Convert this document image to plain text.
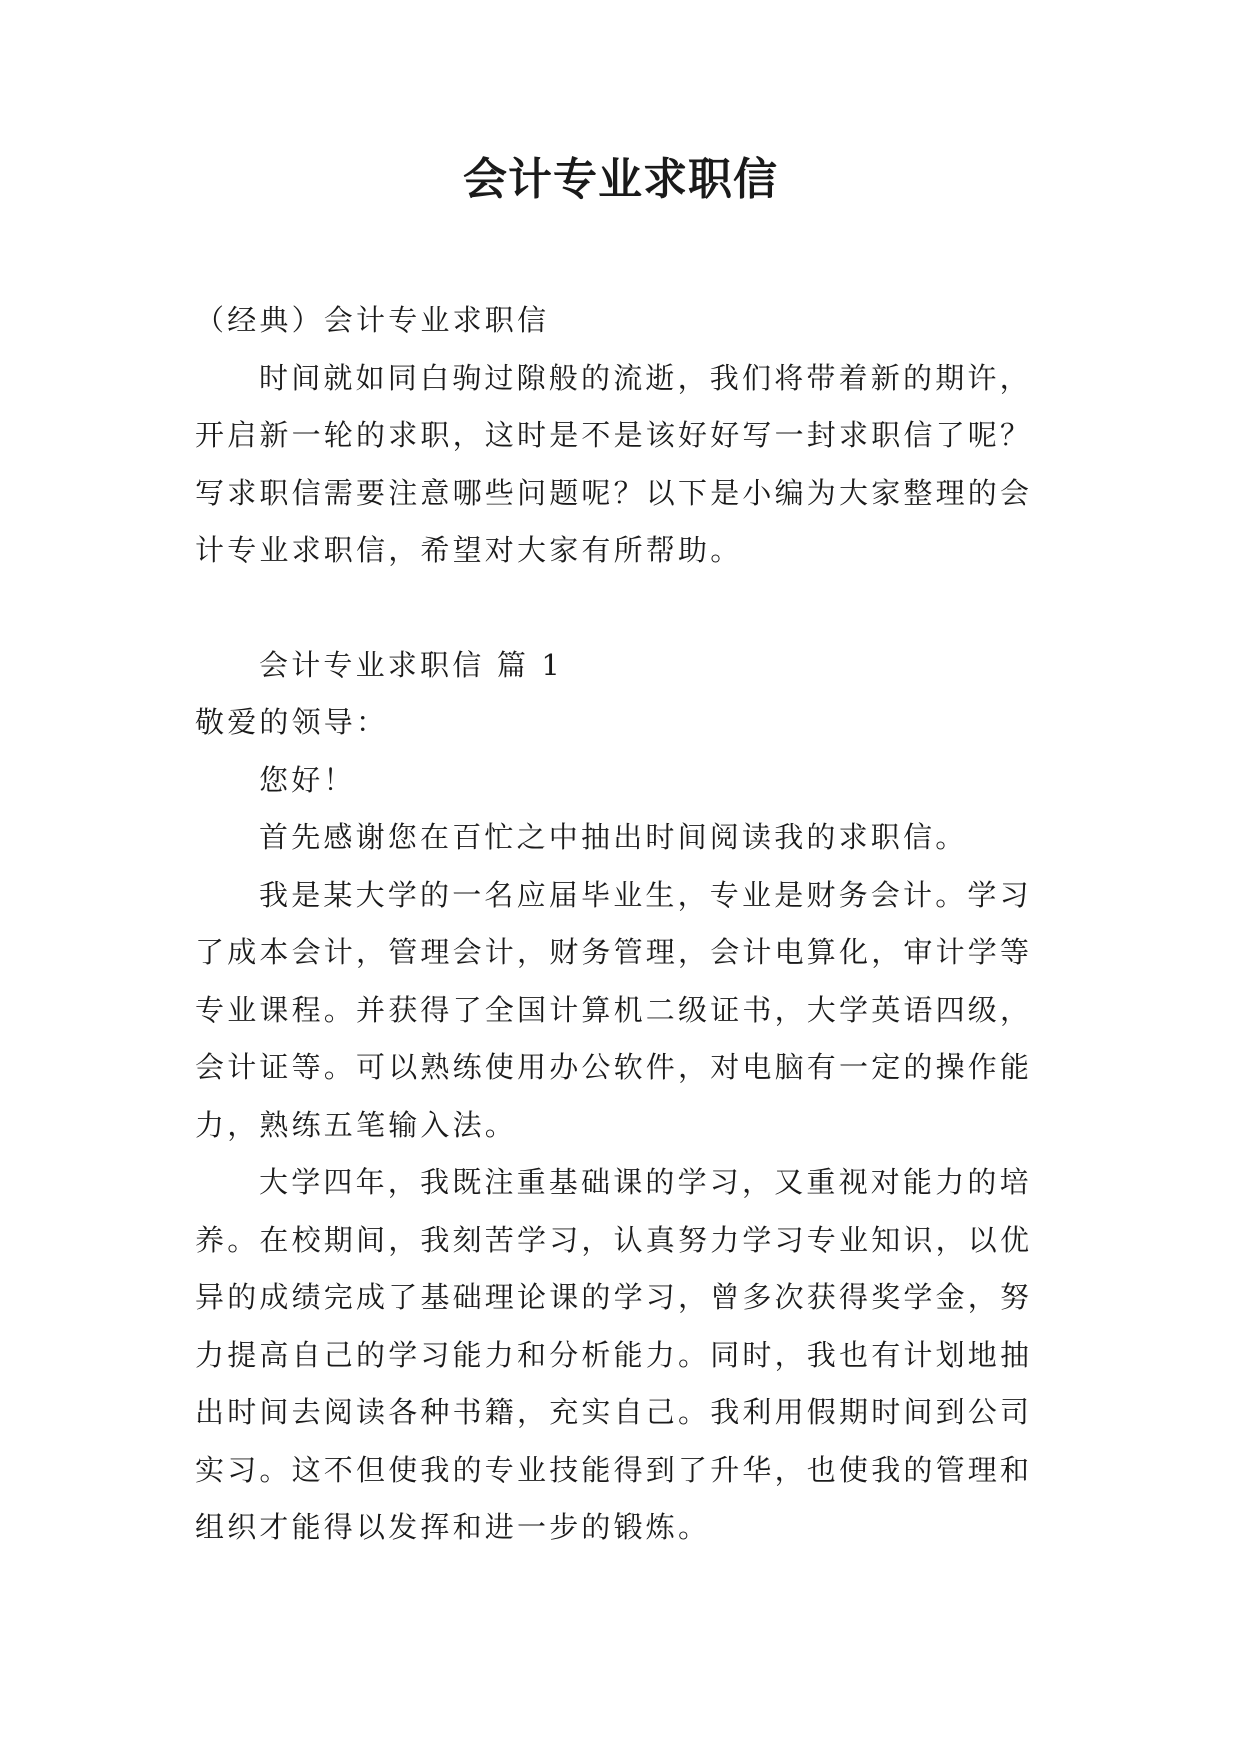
会计专业求职信

（经典）会计专业求职信

时间就如同白驹过隙般的流逝，我们将带着新的期许，开启新一轮的求职，这时是不是该好好写一封求职信了呢？写求职信需要注意哪些问题呢？以下是小编为大家整理的会计专业求职信，希望对大家有所帮助。

会计专业求职信 篇 1

敬爱的领导：

您好！

首先感谢您在百忙之中抽出时间阅读我的求职信。

我是某大学的一名应届毕业生，专业是财务会计。学习了成本会计，管理会计，财务管理，会计电算化，审计学等专业课程。并获得了全国计算机二级证书，大学英语四级，会计证等。可以熟练使用办公软件，对电脑有一定的操作能力，熟练五笔输入法。

大学四年，我既注重基础课的学习，又重视对能力的培养。在校期间，我刻苦学习，认真努力学习专业知识，以优异的成绩完成了基础理论课的学习，曾多次获得奖学金，努力提高自己的学习能力和分析能力。同时，我也有计划地抽出时间去阅读各种书籍，充实自己。我利用假期时间到公司实习。这不但使我的专业技能得到了升华，也使我的管理和组织才能得以发挥和进一步的锻炼。
